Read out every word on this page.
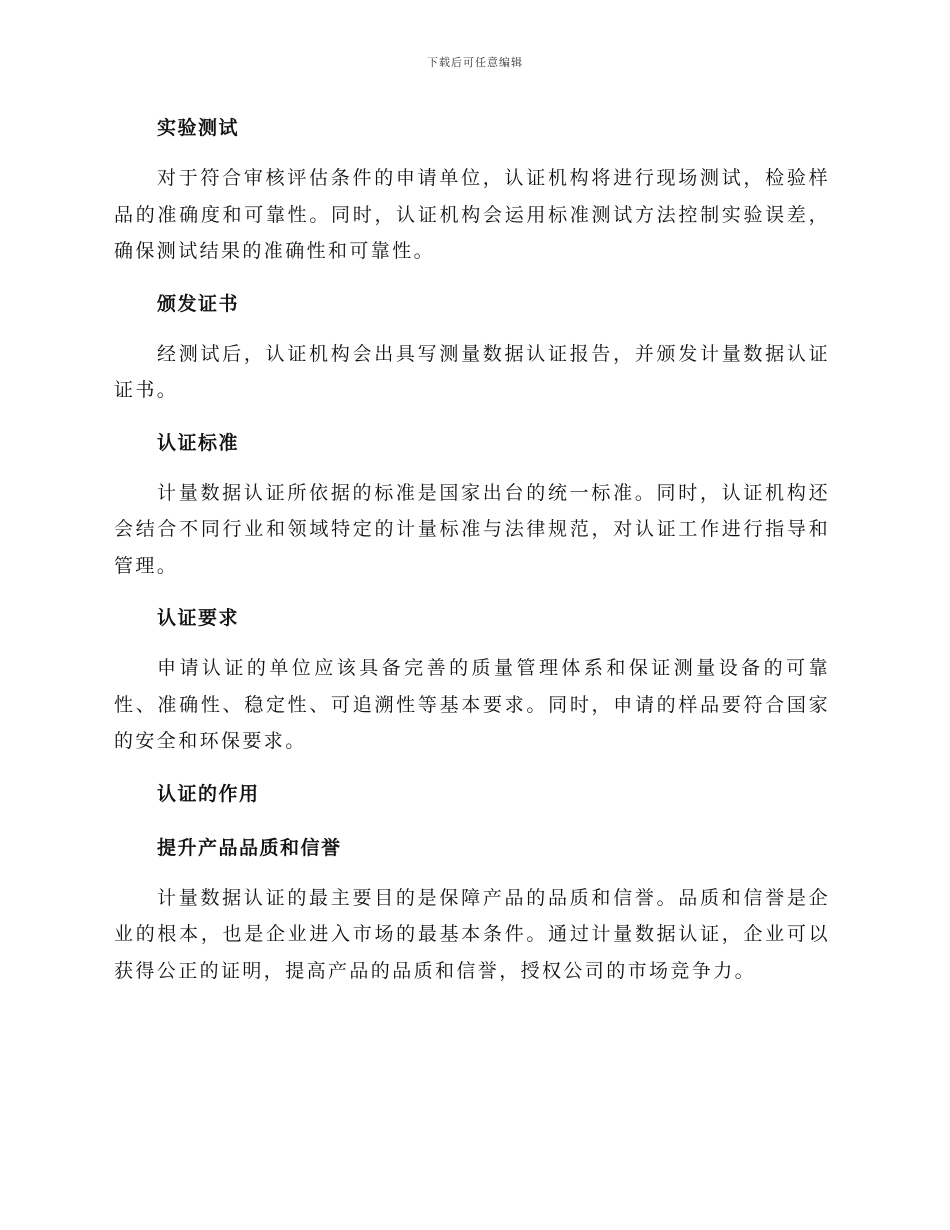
下载后可任意编辑
实验测试

对于符合审核评估条件的申请单位，认证机构将进行现场测试，检验样品的准确度和可靠性。同时，认证机构会运用标准测试方法控制实验误差，确保测试结果的准确性和可靠性。

颁发证书

经测试后，认证机构会出具写测量数据认证报告，并颁发计量数据认证证书。

认证标准

计量数据认证所依据的标准是国家出台的统一标准。同时，认证机构还会结合不同行业和领域特定的计量标准与法律规范，对认证工作进行指导和管理。

认证要求

申请认证的单位应该具备完善的质量管理体系和保证测量设备的可靠性、准确性、稳定性、可追溯性等基本要求。同时，申请的样品要符合国家的安全和环保要求。

认证的作用
提升产品品质和信誉

计量数据认证的最主要目的是保障产品的品质和信誉。品质和信誉是企业的根本，也是企业进入市场的最基本条件。通过计量数据认证，企业可以获得公正的证明，提高产品的品质和信誉，授权公司的市场竞争力。
